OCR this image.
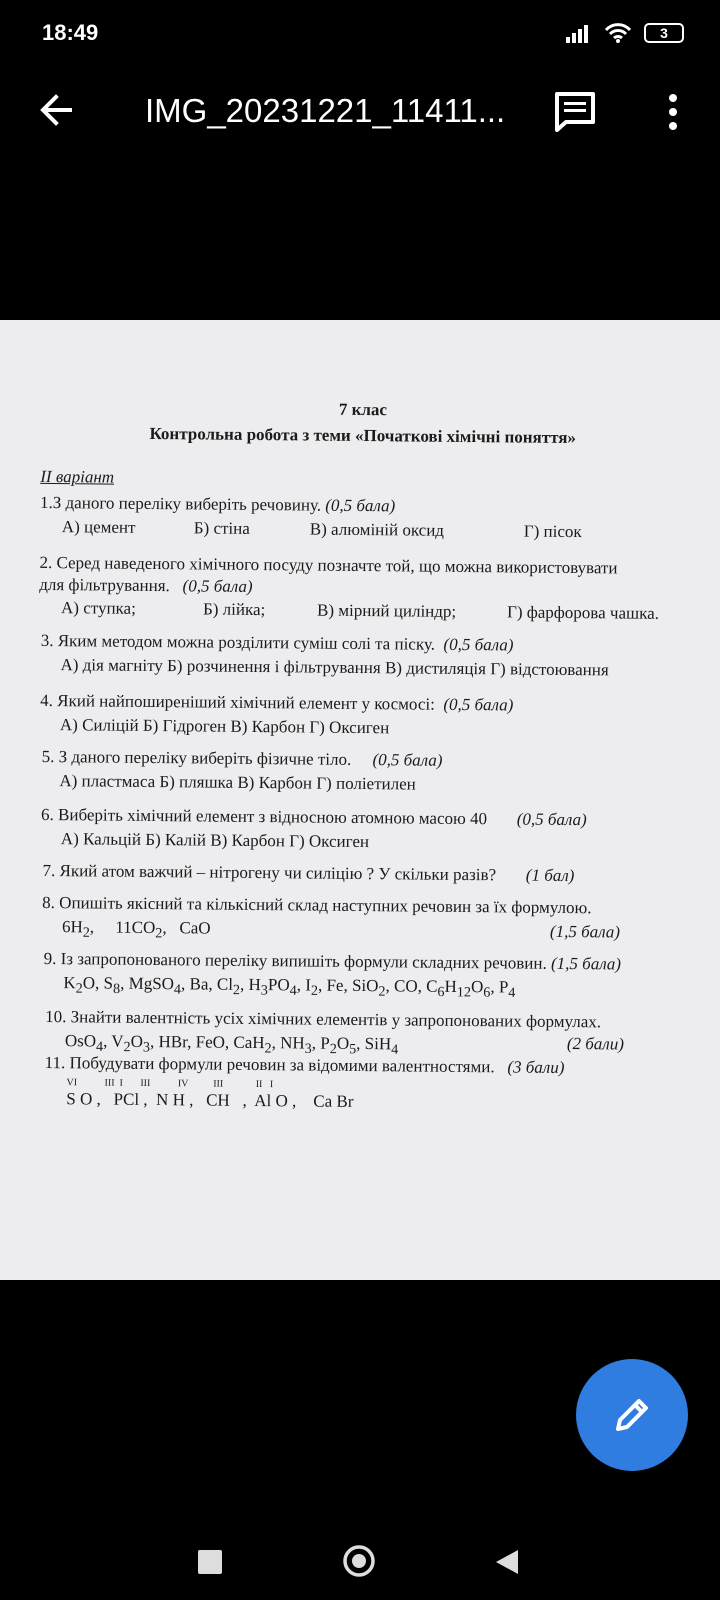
18:49	3
IMG_20231221_11411...
7 клас
Контрольна робота з теми «Початкові хімічні поняття»
II варіант
1.З даного переліку виберіть речовину. (0,5 бала)
А) цемент	Б) стіна	В) алюміній оксид	Г) пісок
2. Серед наведеного хімічного посуду позначте той, що можна використовувати
для фільтрування. (0,5 бала)
А) ступка;	Б) лійка;	В) мірний циліндр;	Г) фарфорова чашка.
3. Яким методом можна розділити суміш солі та піску. (0,5 бала)
А) дія магніту Б) розчинення і фільтрування В) дистиляція Г) відстоювання
4. Який найпоширеніший хімічний елемент у космосі: (0,5 бала)
А) Силіцій Б) Гідроген В) Карбон Г) Оксиген
5. З даного переліку виберіть фізичне тіло. (0,5 бала)
А) пластмаса Б) пляшка В) Карбон Г) поліетилен
6. Виберіть хімічний елемент з відносною атомною масою 40 (0,5 бала)
А) Кальцій Б) Калій В) Карбон Г) Оксиген
7. Який атом важчий – нітрогену чи силіцію ? У скільки разів? (1 бал)
8. Опишіть якісний та кількісний склад наступних речовин за їх формулою.
$6H_2$,     $11CO_2$,   CaO	(1,5 бала)
9. Із запропонованого переліку випишіть формули складних речовин. (1,5 бала)
$K_2O$, $S_8$, MgSO$_4$, Ba, $Cl_2$, $H_3PO_4$, $I_2$, Fe, SiO$_2$, CO, $C_6H_{12}O_6$, $P_4$
10. Знайти валентність усіх хімічних елементів у запропонованих формулах.
OsO$_4$, $V_2O_3$, HBr, FeO, CaH$_2$, $NH_3$, $P_2O_5$, SiH$_4$	(2 бали)
11. Побудувати формули речовин за відомими валентностями. (3 бали)
VI           III  I       III           IV          III             II   I
S O ,   PCl ,  N H ,   CH   ,  Al O ,    Ca Br
